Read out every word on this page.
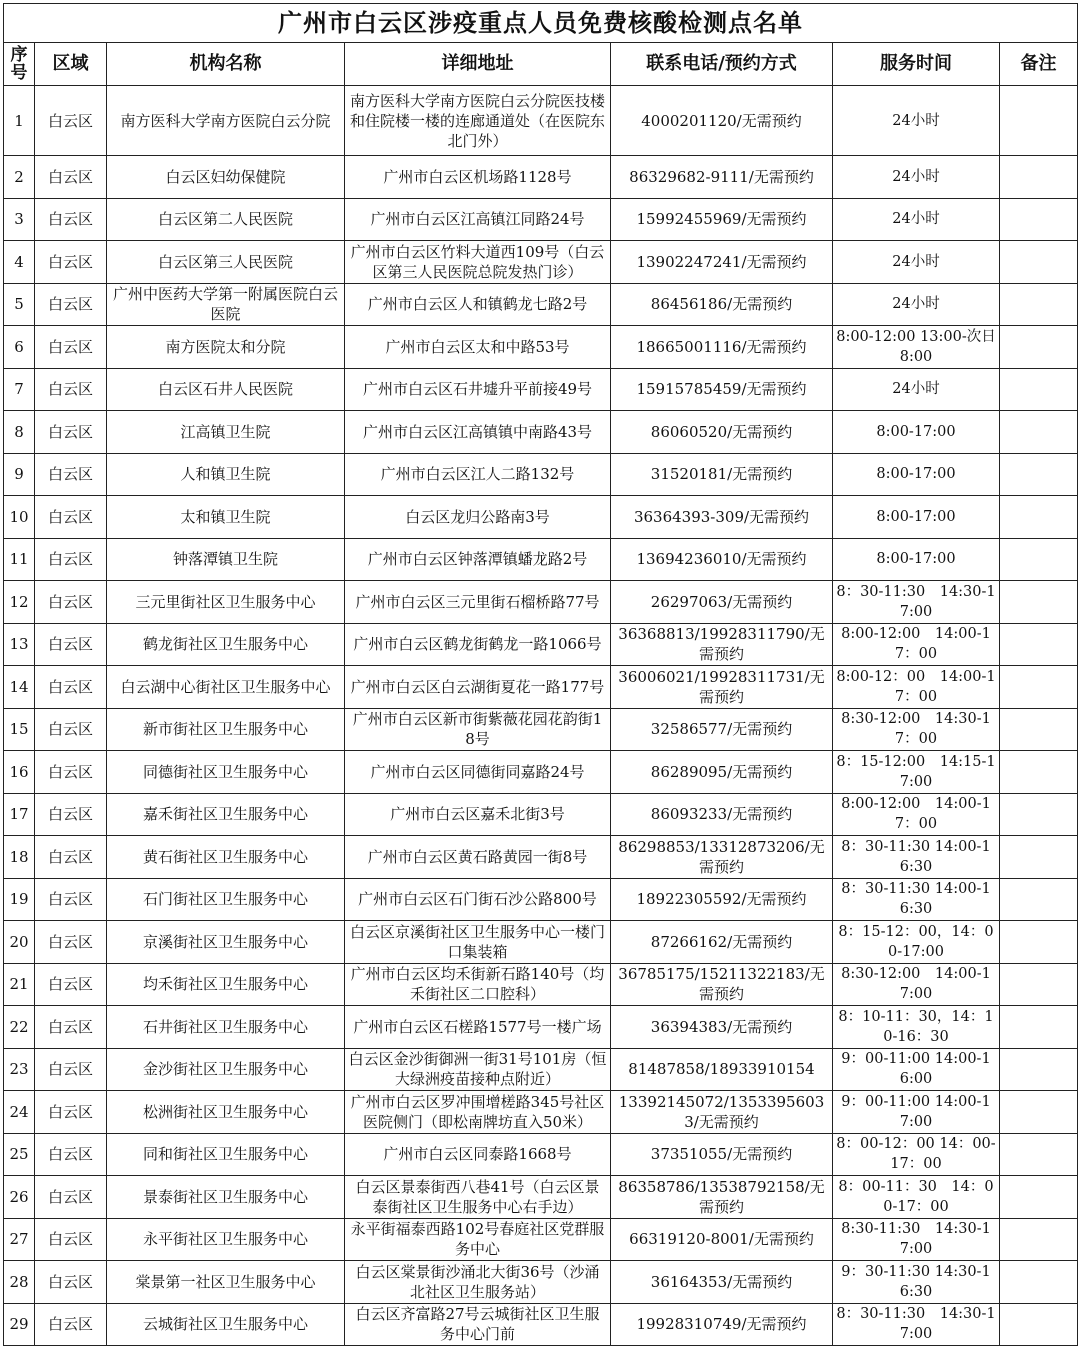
广州市白云区涉疫重点人员免费核酸检测点名单						
序号	区域	机构名称	详细地址	联系电话/预约方式	服务时间	备注
1	白云区	南方医科大学南方医院白云分院	南方医科大学南方医院白云分院医技楼和住院楼一楼的连廊通道处（在医院东北门外）	4000201120/无需预约	24小时	
2	白云区	白云区妇幼保健院	广州市白云区机场路1128号	86329682-9111/无需预约	24小时	
3	白云区	白云区第二人民医院	广州市白云区江高镇江同路24号	15992455969/无需预约	24小时	
4	白云区	白云区第三人民医院	广州市白云区竹料大道西109号（白云区第三人民医院总院发热门诊）	13902247241/无需预约	24小时	
5	白云区	广州中医药大学第一附属医院白云医院	广州市白云区人和镇鹤龙七路2号	86456186/无需预约	24小时	
6	白云区	南方医院太和分院	广州市白云区太和中路53号	18665001116/无需预约	8:00-12:00 13:00-次日8:00	
7	白云区	白云区石井人民医院	广州市白云区石井墟升平前接49号	15915785459/无需预约	24小时	
8	白云区	江高镇卫生院	广州市白云区江高镇镇中南路43号	86060520/无需预约	8:00-17:00	
9	白云区	人和镇卫生院	广州市白云区江人二路132号	31520181/无需预约	8:00-17:00	
10	白云区	太和镇卫生院	白云区龙归公路南3号	36364393-309/无需预约	8:00-17:00	
11	白云区	钟落潭镇卫生院	广州市白云区钟落潭镇蟠龙路2号	13694236010/无需预约	8:00-17:00	
12	白云区	三元里街社区卫生服务中心	广州市白云区三元里街石榴桥路77号	26297063/无需预约	8：30-11:30　14:30-17:00	
13	白云区	鹤龙街社区卫生服务中心	广州市白云区鹤龙街鹤龙一路1066号	36368813/19928311790/无需预约	8:00-12:00　14:00-17：00	
14	白云区	白云湖中心街社区卫生服务中心	广州市白云区白云湖街夏花一路177号	36006021/19928311731/无需预约	8:00-12：00　14:00-17：00	
15	白云区	新市街社区卫生服务中心	广州市白云区新市街紫薇花园花韵街18号	32586577/无需预约	8:30-12:00　14:30-17：00	
16	白云区	同德街社区卫生服务中心	广州市白云区同德街同嘉路24号	86289095/无需预约	8：15-12:00　14:15-17:00	
17	白云区	嘉禾街社区卫生服务中心	广州市白云区嘉禾北街3号	86093233/无需预约	8:00-12:00　14:00-17：00	
18	白云区	黄石街社区卫生服务中心	广州市白云区黄石路黄园一街8号	86298853/13312873206/无需预约	8：30-11:30 14:00-16:30	
19	白云区	石门街社区卫生服务中心	广州市白云区石门街石沙公路800号	18922305592/无需预约	8：30-11:30 14:00-16:30	
20	白云区	京溪街社区卫生服务中心	白云区京溪街社区卫生服务中心一楼门口集装箱	87266162/无需预约	8：15-12：00，14：00-17:00	
21	白云区	均禾街社区卫生服务中心	广州市白云区均禾街新石路140号（均禾街社区二口腔科）	36785175/15211322183/无需预约	8:30-12:00　14:00-17:00	
22	白云区	石井街社区卫生服务中心	广州市白云区石槎路1577号一楼广场	36394383/无需预约	8：10-11：30，14：10-16：30	
23	白云区	金沙街社区卫生服务中心	白云区金沙街御洲一街31号101房（恒大绿洲疫苗接种点附近）	81487858/18933910154	9：00-11:00 14:00-16:00	
24	白云区	松洲街社区卫生服务中心	广州市白云区罗冲围增槎路345号社区医院侧门（即松南牌坊直入50米）	13392145072/13533956033/无需预约	9：00-11:00 14:00-17:00	
25	白云区	同和街社区卫生服务中心	广州市白云区同泰路1668号	37351055/无需预约	8：00-12：00 14：00-17：00	
26	白云区	景泰街社区卫生服务中心	白云区景泰街西八巷41号（白云区景泰街社区卫生服务中心右手边）	86358786/13538792158/无需预约	8：00-11：30　14：00-17：00	
27	白云区	永平街社区卫生服务中心	永平街福泰西路102号春庭社区党群服务中心	66319120-8001/无需预约	8:30-11:30　14:30-17:00	
28	白云区	棠景第一社区卫生服务中心	白云区棠景街沙涌北大街36号（沙涌北社区卫生服务站）	36164353/无需预约	9：30-11:30 14:30-16:30	
29	白云区	云城街社区卫生服务中心	白云区齐富路27号云城街社区卫生服务中心门前	19928310749/无需预约	8：30-11:30　14:30-17:00	
